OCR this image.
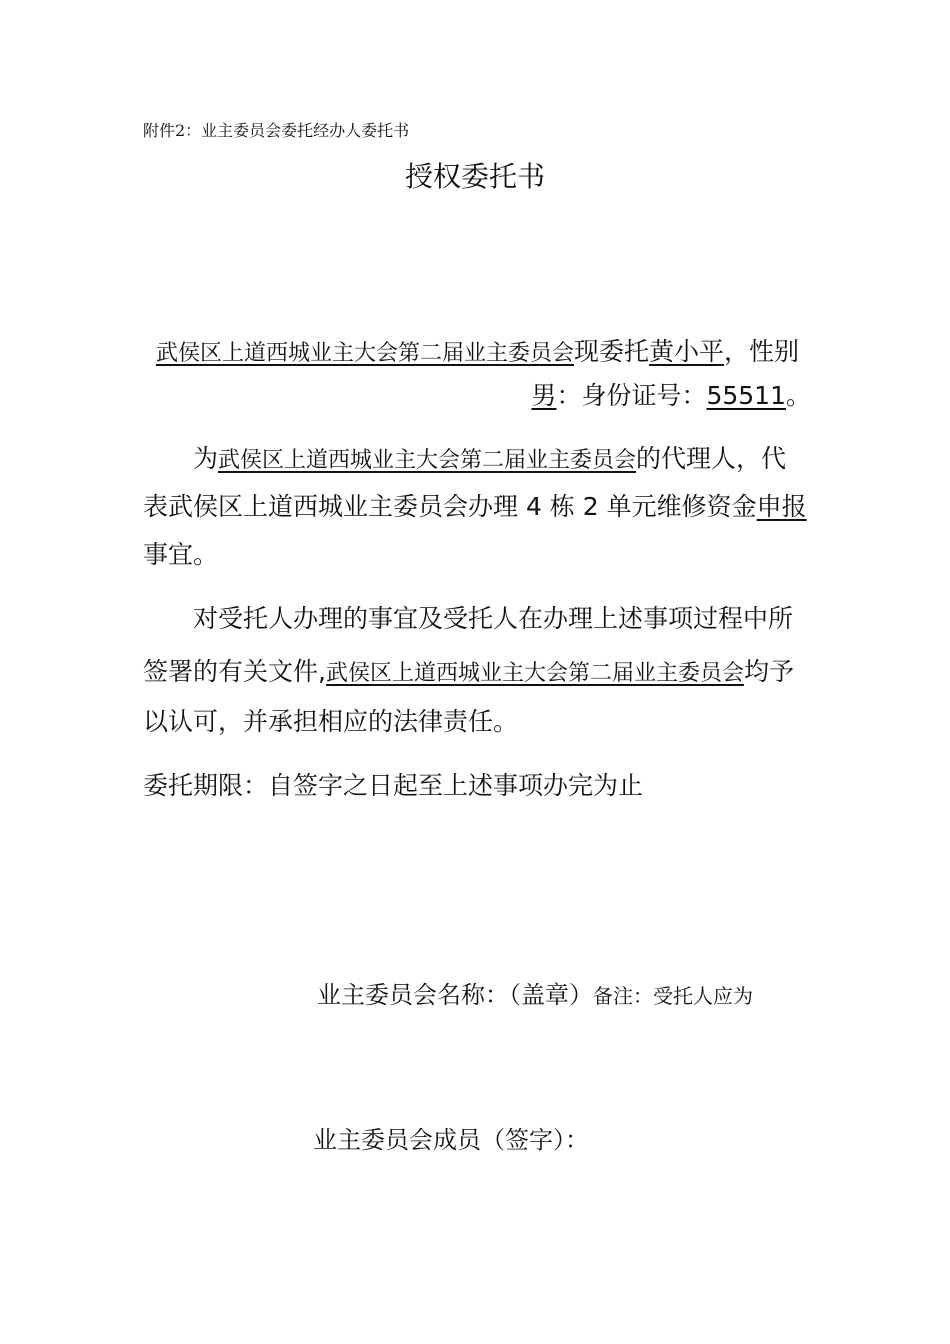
附件2：业主委员会委托经办人委托书
授权委托书
武侯区上道西城业主大会第二届业主委员会现委托黄小平，性别
男：身份证号：55511。
为武侯区上道西城业主大会第二届业主委员会的代理人，代
表武侯区上道西城业主委员会办理 4 栋 2 单元维修资金申报
事宜。
对受托人办理的事宜及受托人在办理上述事项过程中所
签署的有关文件,武侯区上道西城业主大会第二届业主委员会均予
以认可，并承担相应的法律责任。
委托期限：自签字之日起至上述事项办完为止
业主委员会名称：（盖章）备注：受托人应为
业主委员会成员（签字）：
